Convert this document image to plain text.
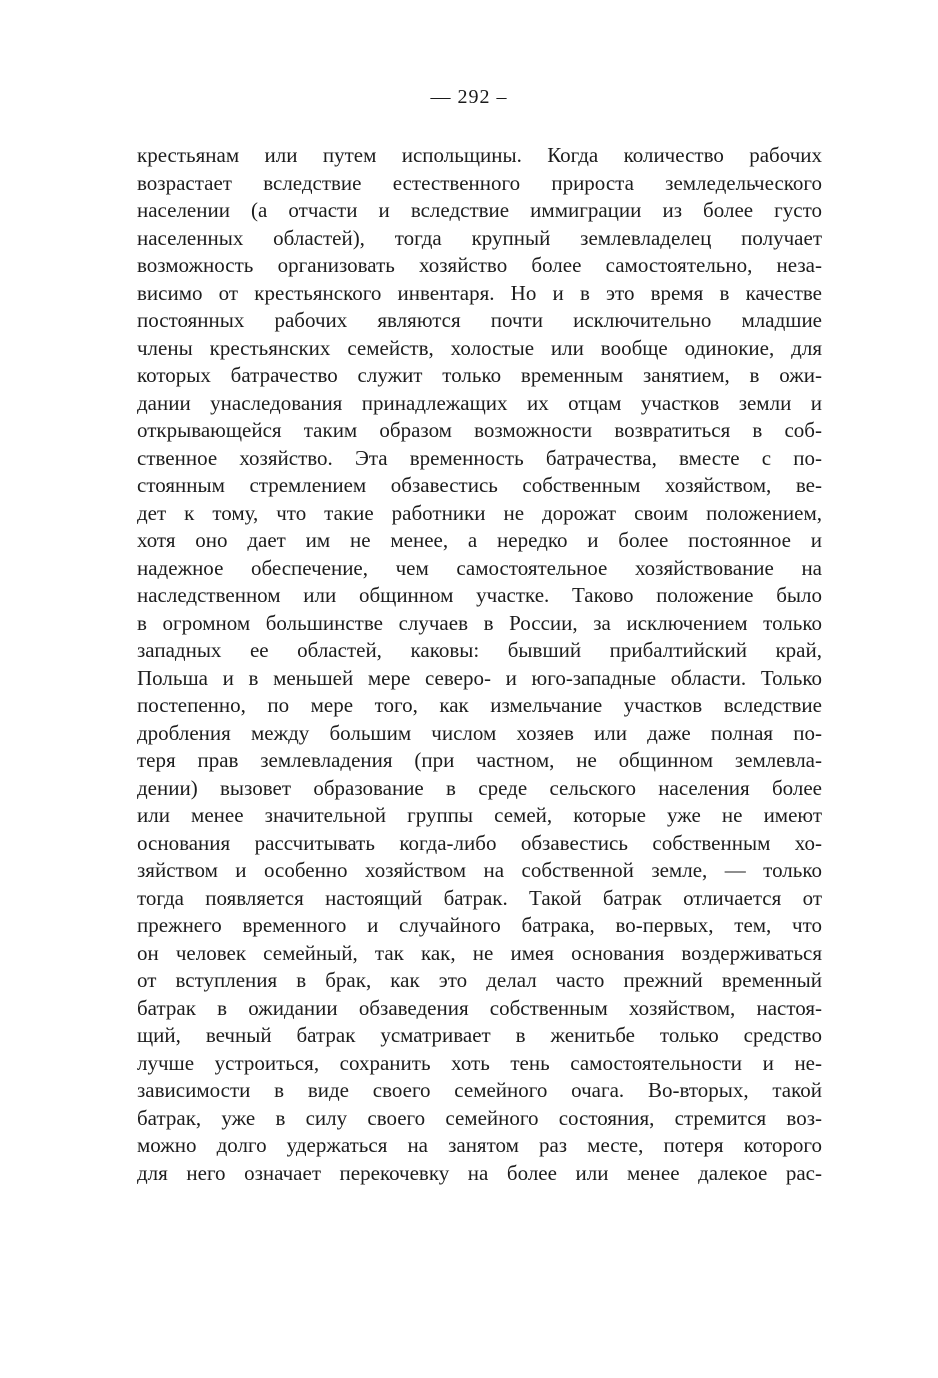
— 292 –
крестьянам или путем испольщины. Когда количество рабочих
возрастает вследствие естественного прироста земледельческого
населении (а отчасти и вследствие иммиграции из более густо
населенных областей), тогда крупный землевладелец получает
возможность организовать хозяйство более самостоятельно, неза-
висимо от крестьянского инвентаря. Но и в это время в качестве
постоянных рабочих являются почти исключительно младшие
члены крестьянских семейств, холостые или вообще одинокие, для
которых батрачество служит только временным занятием, в ожи-
дании унаследования принадлежащих их отцам участков земли и
открывающейся таким образом возможности возвратиться в соб-
ственное хозяйство. Эта временность батрачества, вместе с по-
стоянным стремлением обзавестись собственным хозяйством, ве-
дет к тому, что такие работники не дорожат своим положением,
хотя оно дает им не менее, а нередко и более постоянное и
надежное обеспечение, чем самостоятельное хозяйствование на
наследственном или общинном участке. Таково положение было
в огромном большинстве случаев в России, за исключением только
западных ее областей, каковы: бывший прибалтийский край,
Польша и в меньшей мере северо- и юго-западные области. Только
постепенно, по мере того, как измельчание участков вследствие
дробления между большим числом хозяев или даже полная по-
теря прав землевладения (при частном, не общинном землевла-
дении) вызовет образование в среде сельского населения более
или менее значительной группы семей, которые уже не имеют
основания рассчитывать когда-либо обзавестись собственным хо-
зяйством и особенно хозяйством на собственной земле, — только
тогда появляется настоящий батрак. Такой батрак отличается от
прежнего временного и случайного батрака, во-первых, тем, что
он человек семейный, так как, не имея основания воздерживаться
от вступления в брак, как это делал часто прежний временный
батрак в ожидании обзаведения собственным хозяйством, настоя-
щий, вечный батрак усматривает в женитьбе только средство
лучше устроиться, сохранить хоть тень самостоятельности и не-
зависимости в виде своего семейного очага. Во-вторых, такой
батрак, уже в силу своего семейного состояния, стремится воз-
можно долго удержаться на занятом раз месте, потеря которого
для него означает перекочевку на более или менее далекое рас-
